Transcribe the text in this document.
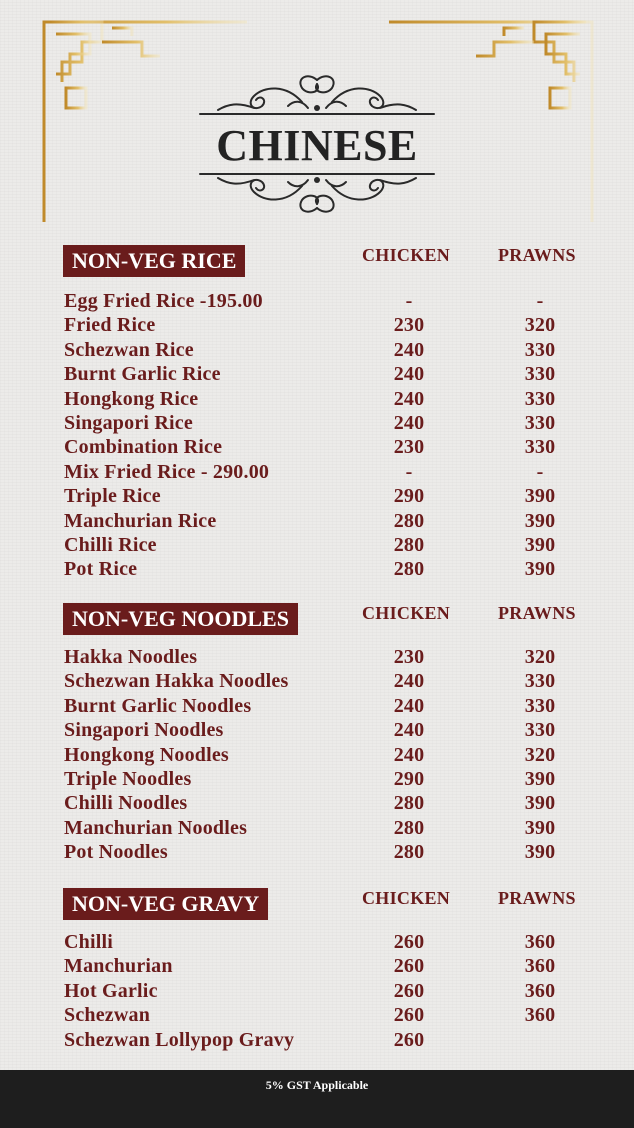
CHINESE
NON-VEG RICE	CHICKEN	PRAWNS
Egg Fried Rice -195.00	-	-
Fried Rice	230	320
Schezwan Rice	240	330
Burnt Garlic Rice	240	330
Hongkong Rice	240	330
Singapori Rice	240	330
Combination Rice	230	330
Mix Fried Rice - 290.00	-	-
Triple Rice	290	390
Manchurian Rice	280	390
Chilli Rice	280	390
Pot Rice	280	390
NON-VEG NOODLES	CHICKEN	PRAWNS
Hakka Noodles	230	320
Schezwan Hakka Noodles	240	330
Burnt Garlic Noodles	240	330
Singapori Noodles	240	330
Hongkong Noodles	240	320
Triple Noodles	290	390
Chilli Noodles	280	390
Manchurian Noodles	280	390
Pot Noodles	280	390
NON-VEG GRAVY	CHICKEN	PRAWNS
Chilli	260	360
Manchurian	260	360
Hot Garlic	260	360
Schezwan	260	360
Schezwan Lollypop Gravy	260
5% GST Applicable
